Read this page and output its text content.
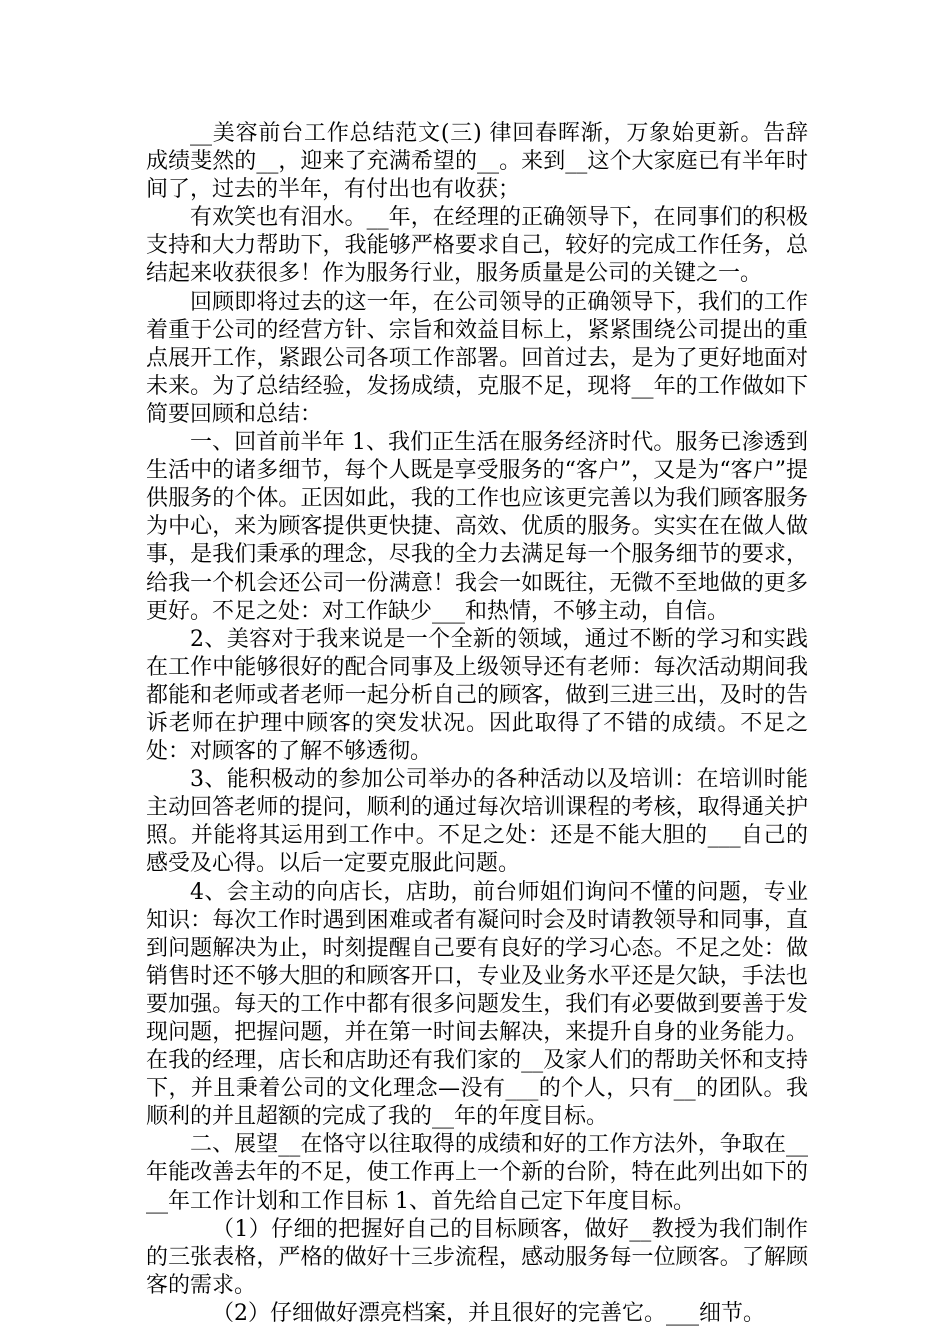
__美容前台工作总结范文(三) 律回春晖渐，万象始更新。告辞成绩斐然的__，迎来了充满希望的__。来到__这个大家庭已有半年时间了，过去的半年，有付出也有收获；

有欢笑也有泪水。__年，在经理的正确领导下，在同事们的积极支持和大力帮助下，我能够严格要求自己，较好的完成工作任务，总结起来收获很多！作为服务行业，服务质量是公司的关键之一。

回顾即将过去的这一年，在公司领导的正确领导下，我们的工作着重于公司的经营方针、宗旨和效益目标上，紧紧围绕公司提出的重点展开工作，紧跟公司各项工作部署。回首过去，是为了更好地面对未来。为了总结经验，发扬成绩，克服不足，现将__年的工作做如下简要回顾和总结：

一、回首前半年 1、我们正生活在服务经济时代。服务已渗透到生活中的诸多细节，每个人既是享受服务的“客户”，又是为“客户”提供服务的个体。正因如此，我的工作也应该更完善以为我们顾客服务为中心，来为顾客提供更快捷、高效、优质的服务。实实在在做人做事，是我们秉承的理念，尽我的全力去满足每一个服务细节的要求，给我一个机会还公司一份满意！我会一如既往，无微不至地做的更多更好。不足之处：对工作缺少___和热情，不够主动，自信。

2、美容对于我来说是一个全新的领域，通过不断的学习和实践在工作中能够很好的配合同事及上级领导还有老师：每次活动期间我都能和老师或者老师一起分析自己的顾客，做到三进三出，及时的告诉老师在护理中顾客的突发状况。因此取得了不错的成绩。不足之处：对顾客的了解不够透彻。

3、能积极动的参加公司举办的各种活动以及培训：在培训时能主动回答老师的提问，顺利的通过每次培训课程的考核，取得通关护照。并能将其运用到工作中。不足之处：还是不能大胆的___自己的感受及心得。以后一定要克服此问题。

4、会主动的向店长，店助，前台师姐们询问不懂的问题，专业知识：每次工作时遇到困难或者有凝问时会及时请教领导和同事，直到问题解决为止，时刻提醒自己要有良好的学习心态。不足之处：做销售时还不够大胆的和顾客开口，专业及业务水平还是欠缺，手法也要加强。每天的工作中都有很多问题发生，我们有必要做到要善于发现问题，把握问题，并在第一时间去解决，来提升自身的业务能力。在我的经理，店长和店助还有我们家的__及家人们的帮助关怀和支持下，并且秉着公司的文化理念—没有___的个人，只有__的团队。我顺利的并且超额的完成了我的__年的年度目标。

二、展望__在恪守以往取得的成绩和好的工作方法外，争取在__年能改善去年的不足，使工作再上一个新的台阶，特在此列出如下的__年工作计划和工作目标 1、首先给自己定下年度目标。

（1）仔细的把握好自己的目标顾客，做好__教授为我们制作的三张表格，严格的做好十三步流程，感动服务每一位顾客。了解顾客的需求。

（2）仔细做好漂亮档案，并且很好的完善它。___细节。
